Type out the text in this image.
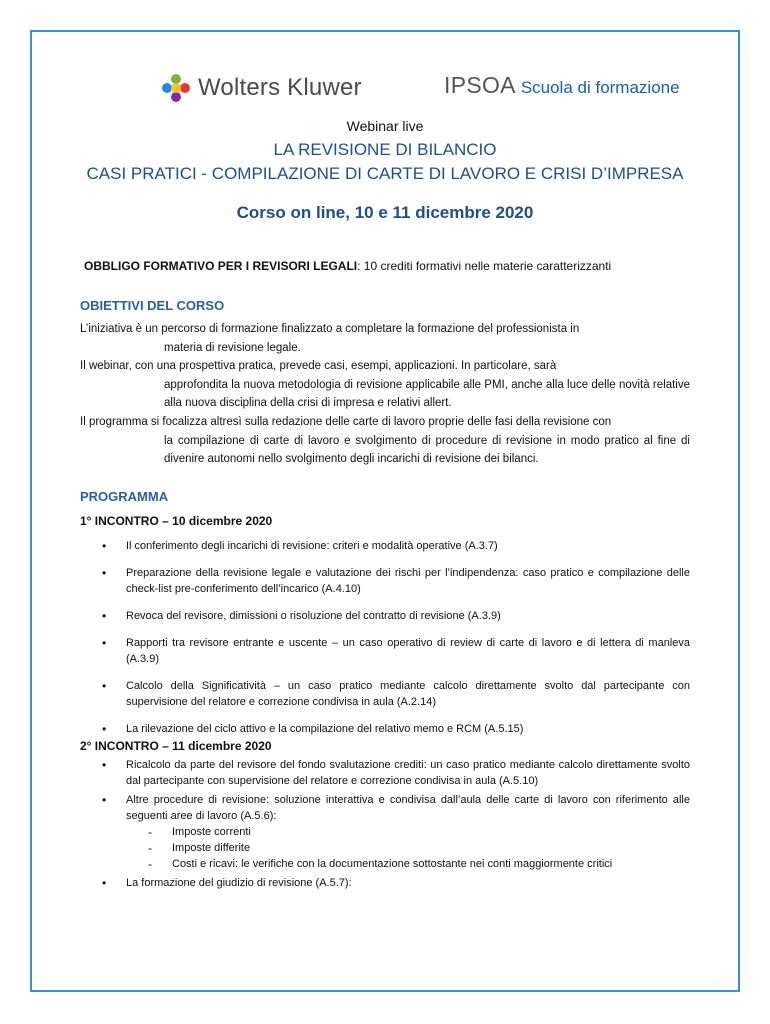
Wolters Kluwer	IPSOA Scuola di formazione
Webinar live
LA REVISIONE DI BILANCIO
CASI PRATICI - COMPILAZIONE DI CARTE DI LAVORO E CRISI D’IMPRESA
Corso on line, 10 e 11 dicembre 2020
OBBLIGO FORMATIVO PER I REVISORI LEGALI: 10 crediti formativi nelle materie caratterizzanti
OBIETTIVI DEL CORSO
L’iniziativa è un percorso di formazione finalizzato a completare la formazione del professionista in
materia di revisione legale.
Il webinar, con una prospettiva pratica, prevede casi, esempi, applicazioni. In particolare, sarà
approfondita la nuova metodologia di revisione applicabile alle PMI, anche alla luce delle novità relative alla nuova disciplina della crisi di impresa e relativi allert.
Il programma si focalizza altresì sulla redazione delle carte di lavoro proprie delle fasi della revisione con
la compilazione di carte di lavoro e svolgimento di procedure di revisione in modo pratico al fine di divenire autonomi nello svolgimento degli incarichi di revisione dei bilanci.
PROGRAMMA
1° INCONTRO – 10 dicembre 2020
• Il conferimento degli incarichi di revisione: criteri e modalità operative (A.3.7)
• Preparazione della revisione legale e valutazione dei rischi per l’indipendenza: caso pratico e compilazione delle check-list pre-conferimento dell’incarico (A.4.10)
• Revoca del revisore, dimissioni o risoluzione del contratto di revisione (A.3.9)
• Rapporti tra revisore entrante e uscente – un caso operativo di review di carte di lavoro e di lettera di manleva (A.3.9)
• Calcolo della Significatività – un caso pratico mediante calcolo direttamente svolto dal partecipante con supervisione del relatore e correzione condivisa in aula (A.2.14)
• La rilevazione del ciclo attivo e la compilazione del relativo memo e RCM (A.5.15)
2° INCONTRO – 11 dicembre 2020
• Ricalcolo da parte del revisore del fondo svalutazione crediti: un caso pratico mediante calcolo direttamente svolto dal partecipante con supervisione del relatore e correzione condivisa in aula (A.5.10)
• Altre procedure di revisione: soluzione interattiva e condivisa dall’aula delle carte di lavoro con riferimento alle seguenti aree di lavoro (A.5.6):
- Imposte correnti
- Imposte differite
- Costi e ricavi: le verifiche con la documentazione sottostante nei conti maggiormente critici
• La formazione del giudizio di revisione (A.5.7):
